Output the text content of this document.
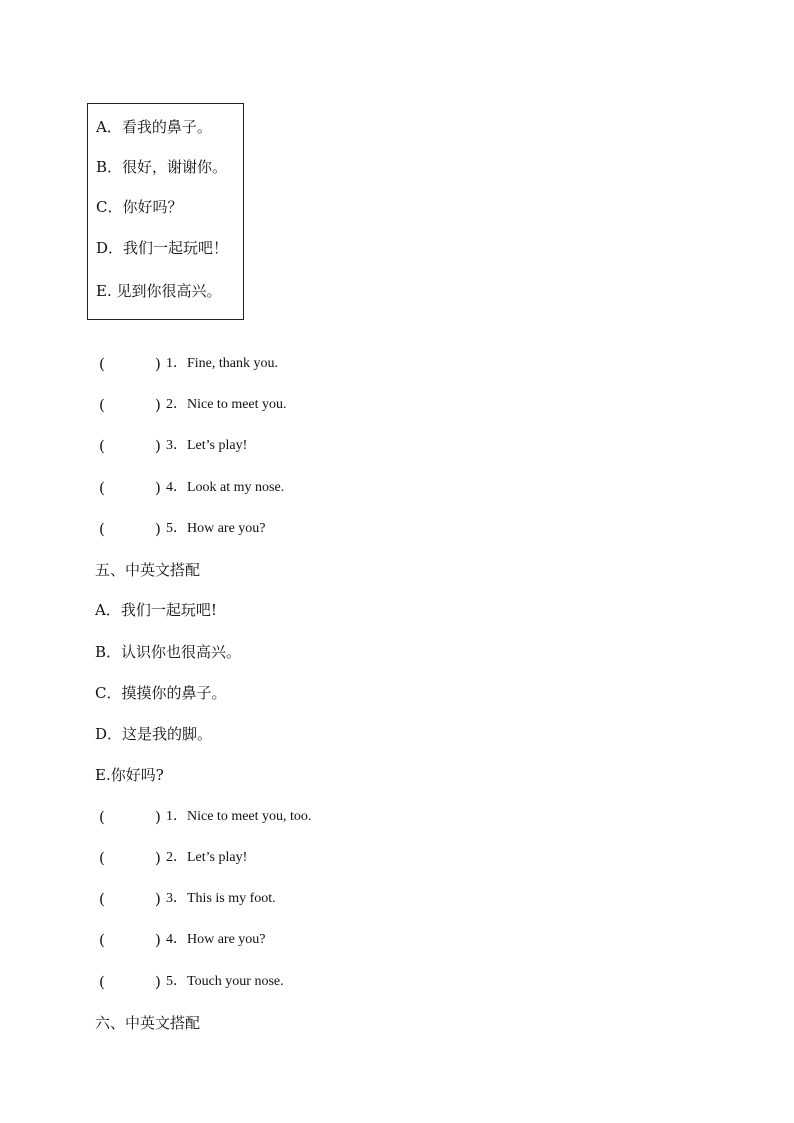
A．看我的鼻子。
B．很好，谢谢你。
C．你好吗？
D．我们一起玩吧！
E. 见到你很高兴。
(	) 1．Fine, thank you.
(	) 2．Nice to meet you.
(	) 3．Let’s play!
(	) 4．Look at my nose.
(	) 5．How are you?
五、中英文搭配
A．我们一起玩吧!
B．认识你也很高兴。
C．摸摸你的鼻子。
D．这是我的脚。
E.你好吗?
(	) 1．Nice to meet you, too.
(	) 2．Let’s play!
(	) 3．This is my foot.
(	) 4．How are you?
(	) 5．Touch your nose.
六、中英文搭配
